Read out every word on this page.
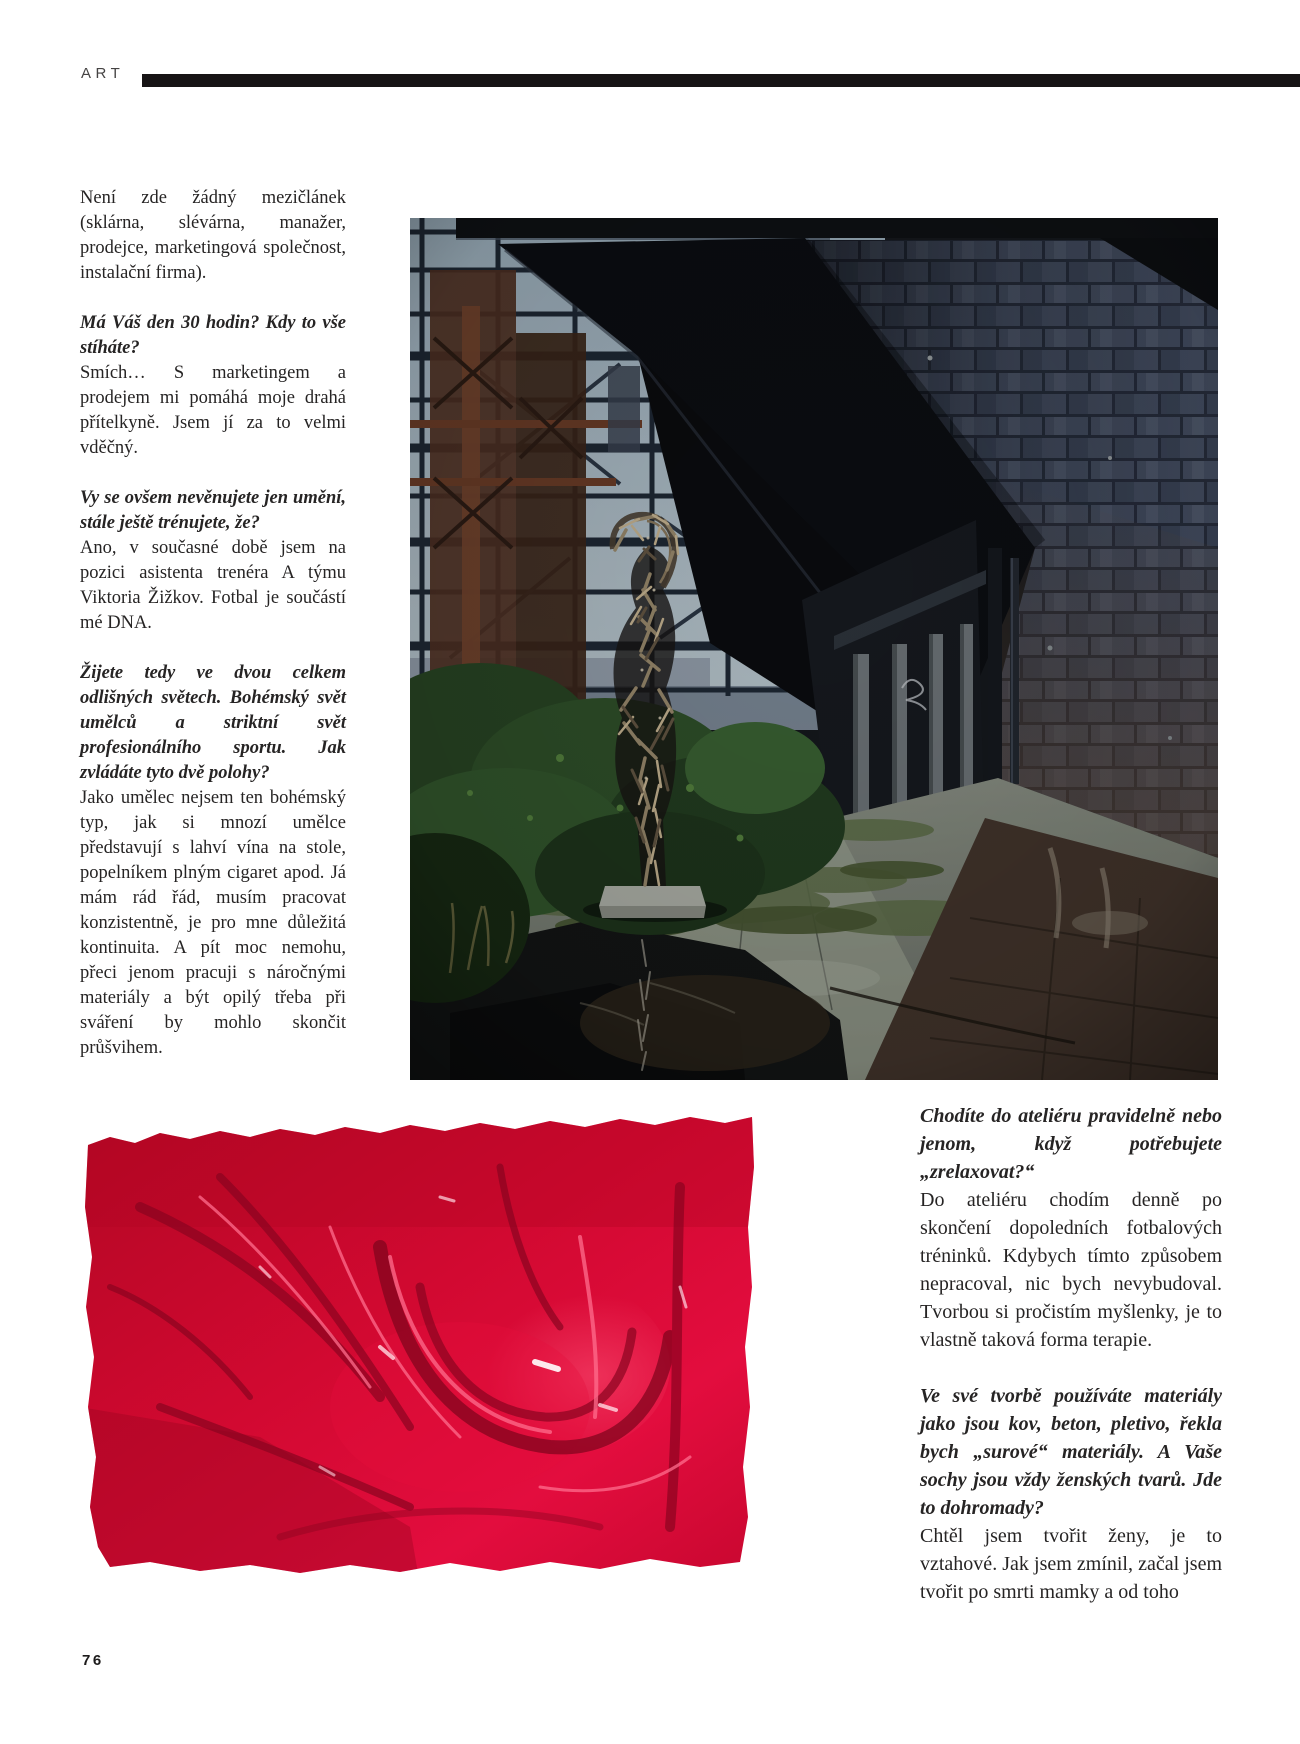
ART

Není zde žádný mezičlánek (sklárna, slévárna, manažer, prodejce, marketingová společnost, instalační firma).

Má Váš den 30 hodin? Kdy to vše stíháte?

Smích… S marketingem a prodejem mi pomáhá moje drahá přítelkyně. Jsem jí za to velmi vděčný.

Vy se ovšem nevěnujete jen umění, stále ještě trénujete, že?

Ano, v současné době jsem na pozici asistenta trenéra A týmu Viktoria Žižkov. Fotbal je součástí mé DNA.

Žijete tedy ve dvou celkem odlišných světech. Bohémský svět umělců a striktní svět profesionálního sportu. Jak zvládáte tyto dvě polohy?

Jako umělec nejsem ten bohémský typ, jak si mnozí umělce představují s lahví vína na stole, popelníkem plným cigaret apod. Já mám rád řád, musím pracovat konzistentně, je pro mne důležitá kontinuita. A pít moc nemohu, přeci jenom pracuji s náročnými materiály a být opilý třeba při sváření by mohlo skončit průšvihem.

Chodíte do ateliéru pravidelně nebo jenom, když potřebujete „zrelaxovat?“

Do ateliéru chodím denně po skončení dopoledních fotbalových tréninků. Kdybych tímto způsobem nepracoval, nic bych nevybudoval. Tvorbou si pročistím myšlenky, je to vlastně taková forma terapie.

Ve své tvorbě používáte materiály jako jsou kov, beton, pletivo, řekla bych „surové“ materiály. A Vaše sochy jsou vždy ženských tvarů. Jde to dohromady?

Chtěl jsem tvořit ženy, je to vztahové. Jak jsem zmínil, začal jsem tvořit po smrti mamky a od toho

76
